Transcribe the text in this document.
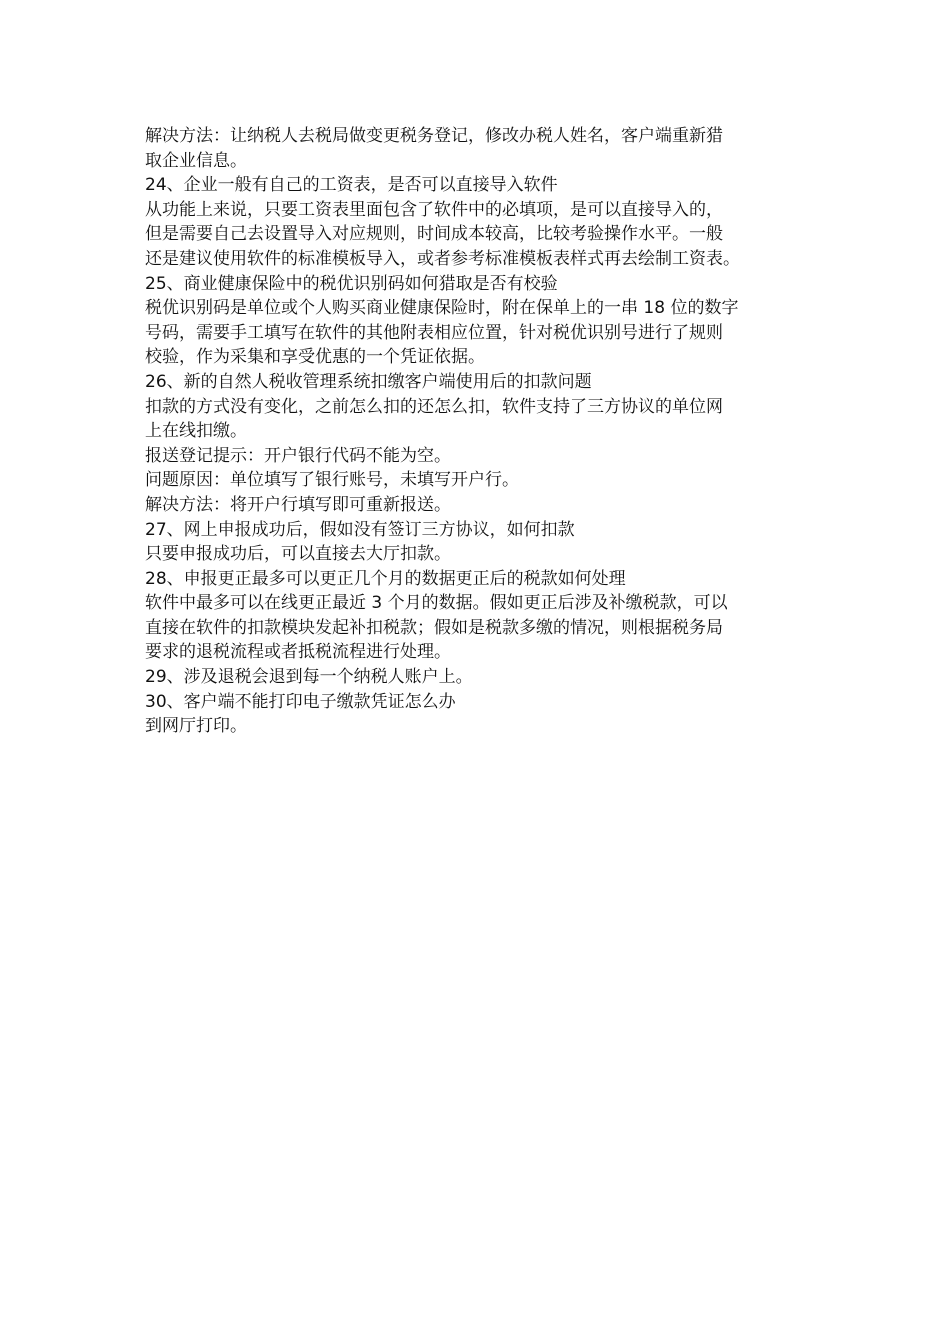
解决方法：让纳税人去税局做变更税务登记，修改办税人姓名，客户端重新猎

取企业信息。

24、企业一般有自己的工资表，是否可以直接导入软件

从功能上来说，只要工资表里面包含了软件中的必填项，是可以直接导入的，

但是需要自己去设置导入对应规则，时间成本较高，比较考验操作水平。一般

还是建议使用软件的标准模板导入，或者参考标准模板表样式再去绘制工资表。

25、商业健康保险中的税优识别码如何猎取是否有校验

税优识别码是单位或个人购买商业健康保险时，附在保单上的一串 18 位的数字

号码，需要手工填写在软件的其他附表相应位置，针对税优识别号进行了规则

校验，作为采集和享受优惠的一个凭证依据。

26、新的自然人税收管理系统扣缴客户端使用后的扣款问题

扣款的方式没有变化，之前怎么扣的还怎么扣，软件支持了三方协议的单位网

上在线扣缴。

报送登记提示：开户银行代码不能为空。

问题原因：单位填写了银行账号，未填写开户行。

解决方法：将开户行填写即可重新报送。

27、网上申报成功后，假如没有签订三方协议，如何扣款

只要申报成功后，可以直接去大厅扣款。

28、申报更正最多可以更正几个月的数据更正后的税款如何处理

软件中最多可以在线更正最近 3 个月的数据。假如更正后涉及补缴税款，可以

直接在软件的扣款模块发起补扣税款；假如是税款多缴的情况，则根据税务局

要求的退税流程或者抵税流程进行处理。

29、涉及退税会退到每一个纳税人账户上。

30、客户端不能打印电子缴款凭证怎么办

到网厅打印。
